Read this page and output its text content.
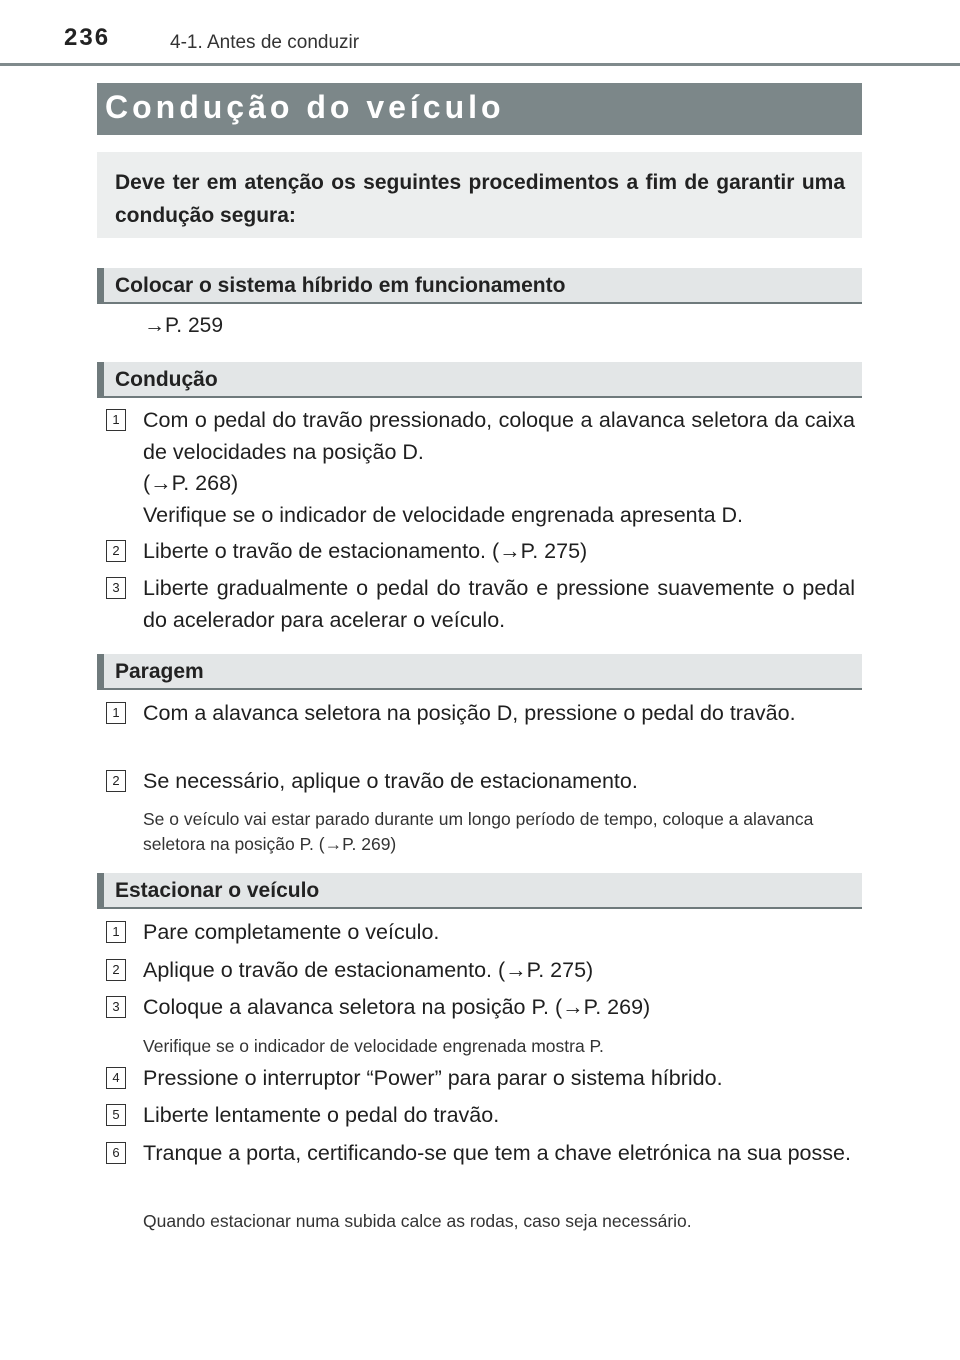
236	4-1. Antes de conduzir
Condução do veículo
Deve ter em atenção os seguintes procedimentos a fim de garantir uma condução segura:
Colocar o sistema híbrido em funcionamento
→P. 259
Condução
1 Com o pedal do travão pressionado, coloque a alavanca seletora da caixa de velocidades na posição D.
(→P. 268)
Verifique se o indicador de velocidade engrenada apresenta D.
2 Liberte o travão de estacionamento. (→P. 275)
3 Liberte gradualmente o pedal do travão e pressione suavemente o pedal do acelerador para acelerar o veículo.
Paragem
1 Com a alavanca seletora na posição D, pressione o pedal do travão.
2 Se necessário, aplique o travão de estacionamento.
Se o veículo vai estar parado durante um longo período de tempo, coloque a alavanca seletora na posição P. (→P. 269)
Estacionar o veículo
1 Pare completamente o veículo.
2 Aplique o travão de estacionamento. (→P. 275)
3 Coloque a alavanca seletora na posição P. (→P. 269)
Verifique se o indicador de velocidade engrenada mostra P.
4 Pressione o interruptor “Power” para parar o sistema híbrido.
5 Liberte lentamente o pedal do travão.
6 Tranque a porta, certificando-se que tem a chave eletrónica na sua posse.
Quando estacionar numa subida calce as rodas, caso seja necessário.
